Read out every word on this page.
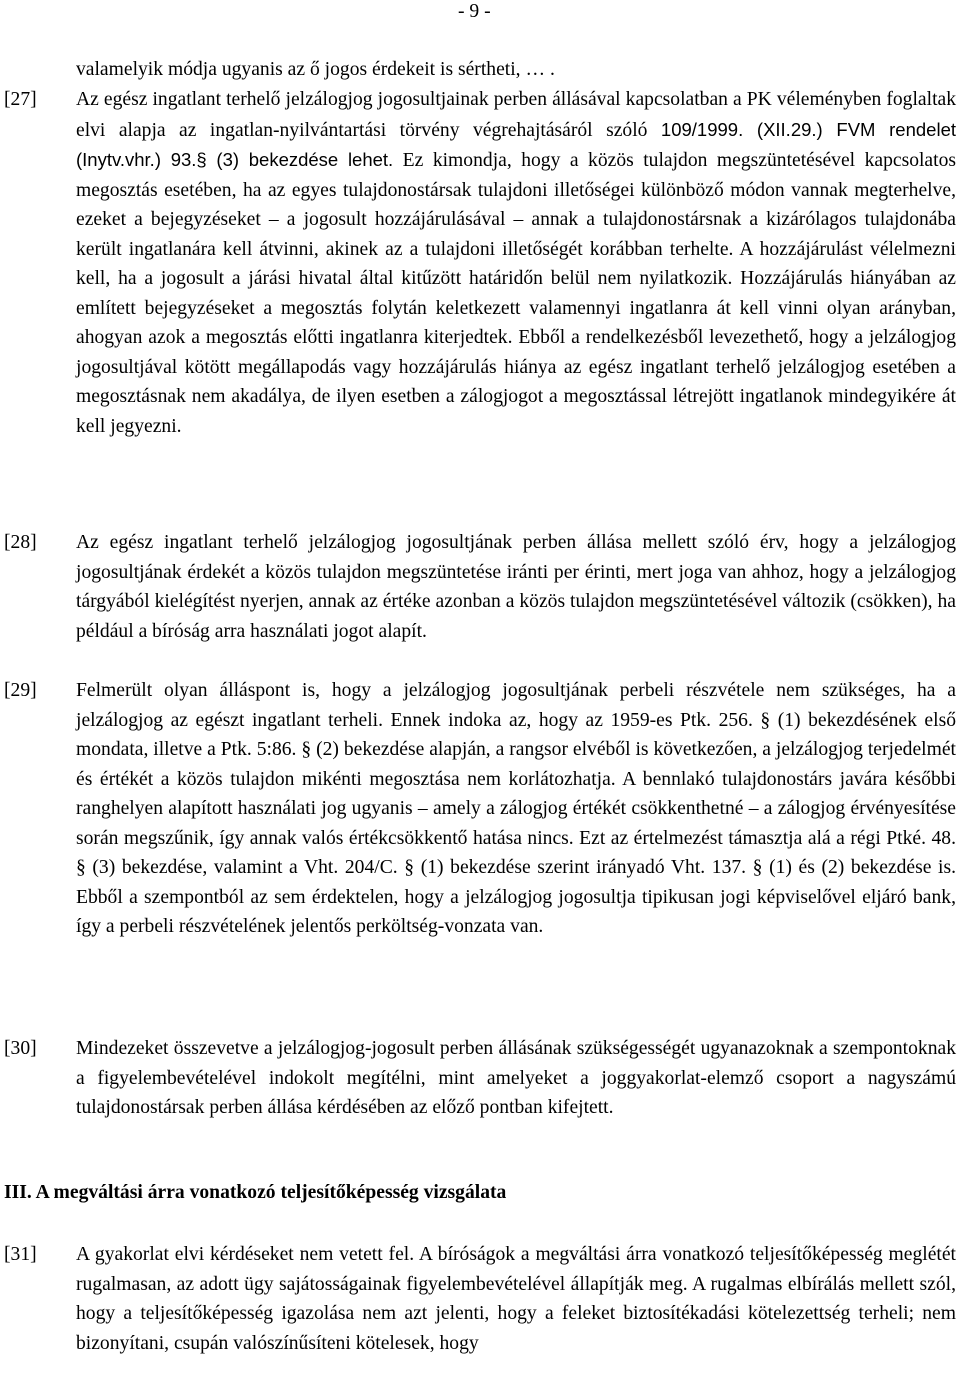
- 9 -
valamelyik módja ugyanis az ő jogos érdekeit is sértheti, … .
[27] Az egész ingatlant terhelő jelzálogjog jogosultjainak perben állásával kapcsolatban a PK véleményben foglaltak elvi alapja az ingatlan-nyilvántartási törvény végrehajtásáról szóló 109/1999. (XII.29.) FVM rendelet (Inytv.vhr.) 93.§ (3) bekezdése lehet. Ez kimondja, hogy a közös tulajdon megszüntetésével kapcsolatos megosztás esetében, ha az egyes tulajdonostársak tulajdoni illetőségei különböző módon vannak megterhelve, ezeket a bejegyzéseket – a jogosult hozzájárulásával – annak a tulajdonostársnak a kizárólagos tulajdonába került ingatlanára kell átvinni, akinek az a tulajdoni illetőségét korábban terhelte. A hozzájárulást vélelmezni kell, ha a jogosult a járási hivatal által kitűzött határidőn belül nem nyilatkozik. Hozzájárulás hiányában az említett bejegyzéseket a megosztás folytán keletkezett valamennyi ingatlanra át kell vinni olyan arányban, ahogyan azok a megosztás előtti ingatlanra kiterjedtek. Ebből a rendelkezésből levezethető, hogy a jelzálogjog jogosultjával kötött megállapodás vagy hozzájárulás hiánya az egész ingatlant terhelő jelzálogjog esetében a megosztásnak nem akadálya, de ilyen esetben a zálogjogot a megosztással létrejött ingatlanok mindegyikére át kell jegyezni.
[28] Az egész ingatlant terhelő jelzálogjog jogosultjának perben állása mellett szóló érv, hogy a jelzálogjog jogosultjának érdekét a közös tulajdon megszüntetése iránti per érinti, mert joga van ahhoz, hogy a jelzálogjog tárgyából kielégítést nyerjen, annak az értéke azonban a közös tulajdon megszüntetésével változik (csökken), ha például a bíróság arra használati jogot alapít.
[29] Felmerült olyan álláspont is, hogy a jelzálogjog jogosultjának perbeli részvétele nem szükséges, ha a jelzálogjog az egészt ingatlant terheli. Ennek indoka az, hogy az 1959-es Ptk. 256. § (1) bekezdésének első mondata, illetve a Ptk. 5:86. § (2) bekezdése alapján, a rangsor elvéből is következően, a jelzálogjog terjedelmét és értékét a közös tulajdon mikénti megosztása nem korlátozhatja. A bennlakó tulajdonostárs javára későbbi ranghelyen alapított használati jog ugyanis – amely a zálogjog értékét csökkenthetné – a zálogjog érvényesítése során megszűnik, így annak valós értékcsökkentő hatása nincs. Ezt az értelmezést támasztja alá a régi Ptké. 48. § (3) bekezdése, valamint a Vht. 204/C. § (1) bekezdése szerint irányadó Vht. 137. § (1) és (2) bekezdése is. Ebből a szempontból az sem érdektelen, hogy a jelzálogjog jogosultja tipikusan jogi képviselővel eljáró bank, így a perbeli részvételének jelentős perköltség-vonzata van.
[30] Mindezeket összevetve a jelzálogjog-jogosult perben állásának szükségességét ugyanazoknak a szempontoknak a figyelembevételével indokolt megítélni, mint amelyeket a joggyakorlat-elemző csoport a nagyszámú tulajdonostársak perben állása kérdésében az előző pontban kifejtett.
III. A megváltási árra vonatkozó teljesítőképesség vizsgálata
[31] A gyakorlat elvi kérdéseket nem vetett fel. A bíróságok a megváltási árra vonatkozó teljesítőképesség meglétét rugalmasan, az adott ügy sajátosságainak figyelembevételével állapítják meg. A rugalmas elbírálás mellett szól, hogy a teljesítőképesség igazolása nem azt jelenti, hogy a feleket biztosítékadási kötelezettség terheli; nem bizonyítani, csupán valószínűsíteni kötelesek, hogy
